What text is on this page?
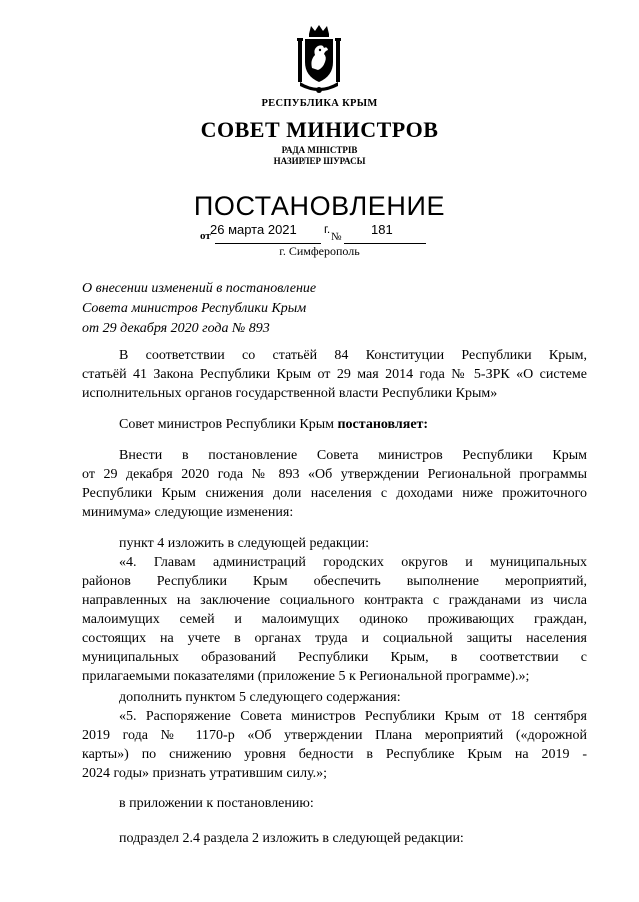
РЕСПУБЛИКА КРЫМ
СОВЕТ МИНИСТРОВ
РАДА МІНІСТРІВ
НАЗИРЛЕР ШУРАСЫ
ПОСТАНОВЛЕНИЕ
от 26 марта 2021 г.
№ 181
г. Симферополь
О внесении изменений в постановление
Совета министров Республики Крым
от 29 декабря 2020 года № 893
В соответствии со статьёй 84 Конституции Республики Крым,
статьёй 41 Закона Республики Крым от 29 мая 2014 года № 5-ЗРК «О системе
исполнительных органов государственной власти Республики Крым»
Совет министров Республики Крым постановляет:
Внести в постановление Совета министров Республики Крым
от 29 декабря 2020 года № 893 «Об утверждении Региональной программы
Республики Крым снижения доли населения с доходами ниже прожиточного
минимума» следующие изменения:
пункт 4 изложить в следующей редакции:
«4. Главам администраций городских округов и муниципальных
районов Республики Крым обеспечить выполнение мероприятий,
направленных на заключение социального контракта с гражданами из числа
малоимущих семей и малоимущих одиноко проживающих граждан,
состоящих на учете в органах труда и социальной защиты населения
муниципальных образований Республики Крым, в соответствии с
прилагаемыми показателями (приложение 5 к Региональной программе).»;
дополнить пунктом 5 следующего содержания:
«5. Распоряжение Совета министров Республики Крым от 18 сентября
2019 года № 1170-р «Об утверждении Плана мероприятий («дорожной
карты») по снижению уровня бедности в Республике Крым на 2019 -
2024 годы» признать утратившим силу.»;
в приложении к постановлению:
подраздел 2.4 раздела 2 изложить в следующей редакции:
